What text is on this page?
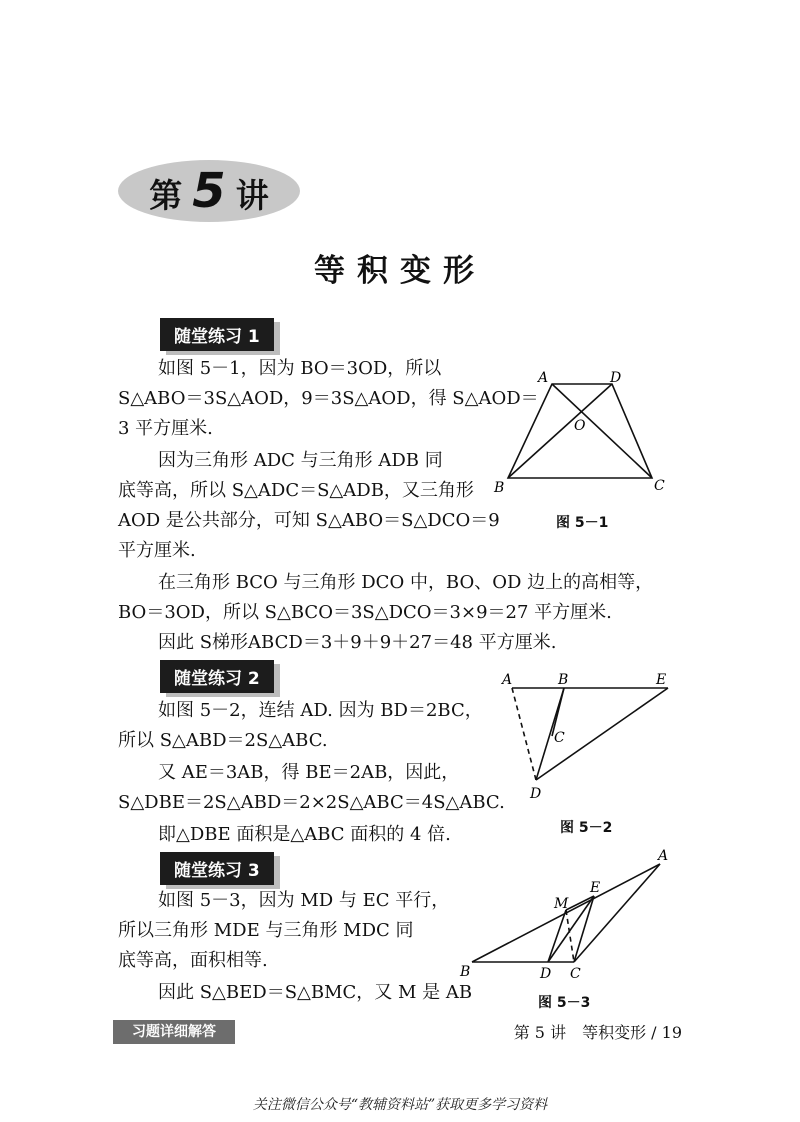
第 5 讲
等积变形
随堂练习 1
如图 5－1，因为 BO＝3OD，所以
S△ABO＝3S△AOD，9＝3S△AOD，得 S△AOD＝
3 平方厘米.
因为三角形 ADC 与三角形 ADB 同
底等高，所以 S△ADC＝S△ADB，又三角形
AOD 是公共部分，可知 S△ABO＝S△DCO＝9
平方厘米.
在三角形 BCO 与三角形 DCO 中，BO、OD 边上的高相等，
BO＝3OD，所以 S△BCO＝3S△DCO＝3×9＝27 平方厘米.
因此 S梯形ABCD＝3＋9＋9＋27＝48 平方厘米.
A	D
O
B	C
图 5－1
随堂练习 2
如图 5－2，连结 AD. 因为 BD＝2BC，
所以 S△ABD＝2S△ABC.
又 AE＝3AB，得 BE＝2AB，因此，
S△DBE＝2S△ABD＝2×2S△ABC＝4S△ABC.
即△DBE 面积是△ABC 面积的 4 倍.
A	B	E
C
D
图 5－2
随堂练习 3
如图 5－3，因为 MD 与 EC 平行，
所以三角形 MDE 与三角形 MDC 同
底等高，面积相等.
因此 S△BED＝S△BMC，又 M 是 AB
A
E
M
B	D C
图 5－3
习题详细解答	第 5 讲　等积变形 / 19
关注微信公众号“教辅资料站”获取更多学习资料
